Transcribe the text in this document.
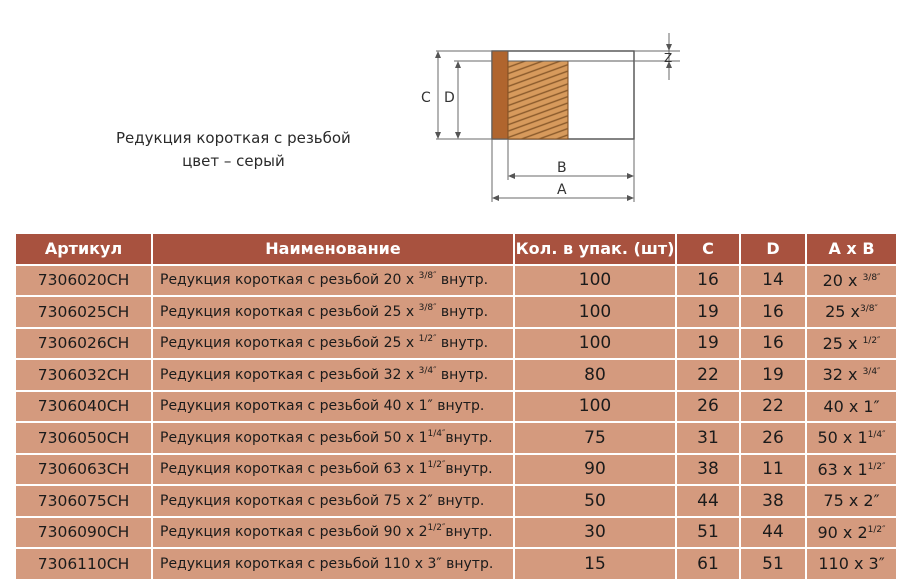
C D
Z
B
A
Редукция короткая с резьбой
цвет – серый
Артикул	Наименование	Кол. в упак. (шт)	C	D	A x B
7306020CH	Редукция короткая с резьбой 20 х $^{3/8''}$ внутр.	100	16	14	20 х $^{3/8''}$
7306025CH	Редукция короткая с резьбой 25 х $^{3/8''}$ внутр.	100	19	16	25 $х^{3/8''}$
7306026CH	Редукция короткая с резьбой 25 х $^{1/2''}$ внутр.	100	19	16	25 х $^{1/2''}$
7306032CH	Редукция короткая с резьбой 32 х $^{3/4''}$ внутр.	80	22	19	32 х $^{3/4''}$
7306040CH	Редукция короткая с резьбой 40 х 1″ внутр.	100	26	22	40 х 1″
7306050CH	Редукция короткая с резьбой 50 х $1^{1/4''}внутр$.	75	31	26	50 х $1^{1/4''}$
7306063CH	Редукция короткая с резьбой 63 х $1^{1/2''}внутр$.	90	38	11	63 х $1^{1/2''}$
7306075CH	Редукция короткая с резьбой 75 х 2″ внутр.	50	44	38	75 х 2″
7306090CH	Редукция короткая с резьбой 90 х $2^{1/2''}внутр$.	30	51	44	90 х $2^{1/2''}$
7306110CH	Редукция короткая с резьбой 110 х 3″ внутр.	15	61	51	110 х 3″
